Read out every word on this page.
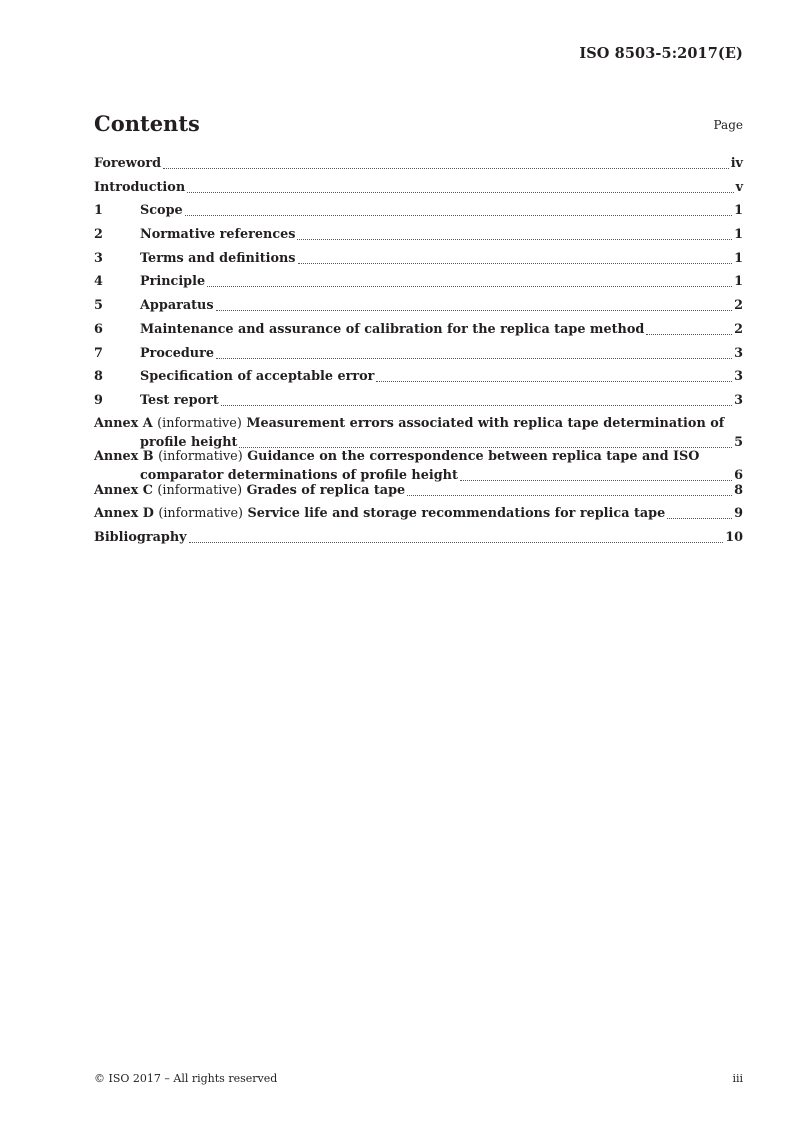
ISO 8503-5:2017(E)
Contents	Page
Foreword	iv
Introduction	v
1	Scope	1
2	Normative references	1
3	Terms and definitions	1
4	Principle	1
5	Apparatus	2
6	Maintenance and assurance of calibration for the replica tape method	2
7	Procedure	3
8	Specification of acceptable error	3
9	Test report	3
Annex A (informative) Measurement errors associated with replica tape determination of
profile height	5
Annex B (informative) Guidance on the correspondence between replica tape and ISO
comparator determinations of profile height	6
Annex C
(informative)
Grades of replica tape	8
Annex D
(informative)
Service life and storage recommendations for replica tape	9
Bibliography	10
© ISO 2017 – All rights reserved	iii
